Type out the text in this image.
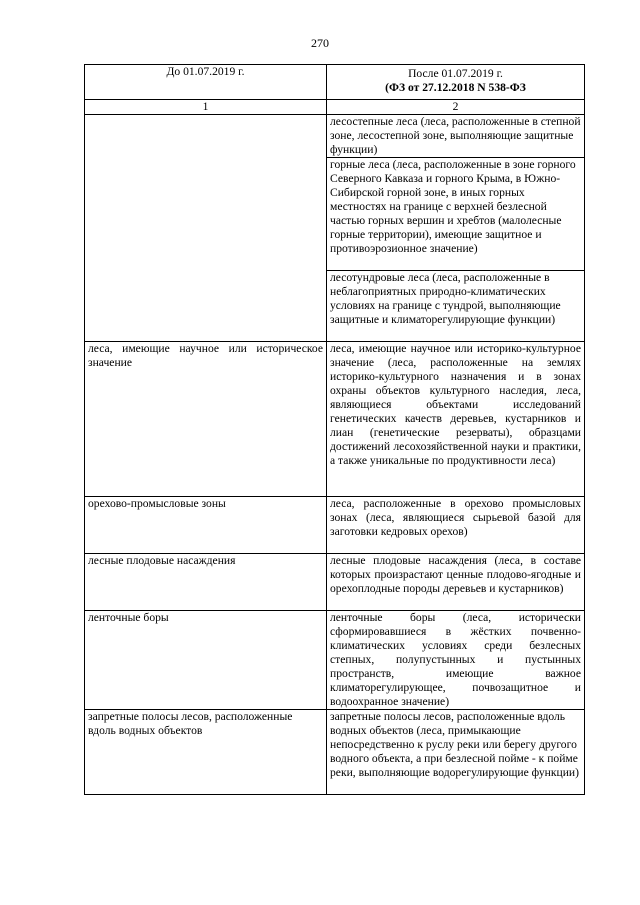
270
До 01.07.2019 г.	После 01.07.2019 г.
(ФЗ от 27.12.2018 N 538-ФЗ

1	2
	лесостепные леса (леса, расположенные в степной зоне, лесостепной зоне, выполняющие защитные функции)
	горные леса (леса, расположенные в зоне горного Северного Кавказа и горного Крыма, в Южно-Сибирской горной зоне, в иных горных местностях на границе с верхней безлесной частью горных вершин и хребтов (малолесные горные территории), имеющие защитное и противоэрозионное значение)
	лесотундровые леса (леса, расположенные в неблагоприятных природно-климатических условиях на границе с тундрой, выполняющие защитные и климаторегулирующие функции)
леса, имеющие научное или историческое значение	леса, имеющие научное или историко-культурное значение (леса, расположенные на землях историко-культурного назначения и в зонах охраны объектов культурного наследия, леса, являющиеся объектами исследований генетических качеств деревьев, кустарников и лиан (генетические резерваты), образцами достижений лесохозяйственной науки и практики, а также уникальные по продуктивности леса)
орехово-промысловые зоны	леса, расположенные в орехово промысловых зонах (леса, являющиеся сырьевой базой для заготовки кедровых орехов)
лесные плодовые насаждения	лесные плодовые насаждения (леса, в составе которых произрастают ценные плодово-ягодные и орехоплодные породы деревьев и кустарников)
ленточные боры	ленточные боры (леса, исторически сформировавшиеся в жёстких почвенно-климатических условиях среди безлесных степных, полупустынных и пустынных пространств, имеющие важное климаторегулирующее, почвозащитное и водоохранное значение)
запретные полосы лесов, расположенные вдоль водных объектов	запретные полосы лесов, расположенные вдоль водных объектов (леса, примыкающие непосредственно к руслу реки или берегу другого водного объекта, а при безлесной пойме - к пойме реки, выполняющие водорегулирующие функции)
